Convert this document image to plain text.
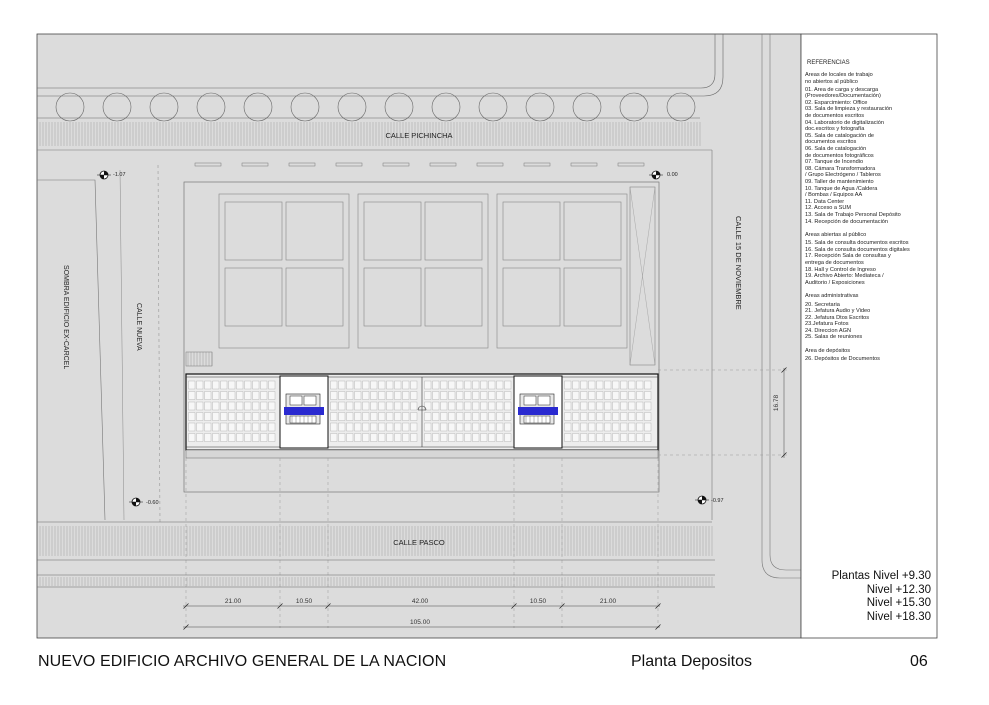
CALLE PICHINCHA
SOMBRA EDIFICIO EX-CARCEL	CALLE NUEVA
CALLE 15 DE NOVIEMBRE
-1.07	0.00
-0.60	-0.97
CALLE PASCO
21.00	10.50	42.00	10.50	21.00
105.00
16.78
REFERENCIAS
Areas de locales de trabajo
no abiertos al público
01. Area de carga y descarga
(Proveedores/Documentación)
02. Esparcimiento: Office
03. Sala de limpieza y restauración
de documentos escritos
04. Laboratorio de digitalización
doc.escritos y fotografía
05. Sala de catalogación de
documentos escritos
06. Sala de catalogación
de documentos fotográficos
07. Tanque de Incendio
08. Cámara Transformadora
/ Grupo Electrógeno / Tableros
09. Taller de mantenimiento
10. Tanque de Agua /Caldera
/ Bombas / Equipos AA
11. Data Center
12. Acceso a SUM
13. Sala de Trabajo Personal Depósito
14. Recepción de documentación
Areas abiertas al público
15. Sala de consulta documentos escritos
16. Sala de consulta documentos digitales
17. Recepción Sala de consultas y
entrega de documentos
18. Hall y Control de Ingreso
19. Archivo Abierto: Mediateca /
Auditorio / Exposiciones
Areas administrativas
20. Secretaria
21. Jefatura Audio y Video
22. Jefatura Dtos Escritos
23.Jefatura Fotos
24. Direccion AGN
25. Salas de reuniones
Area de depósitos
26. Depósitos de Documentos
Plantas Nivel +9.30
Nivel +12.30
Nivel +15.30
Nivel +18.30
NUEVO EDIFICIO ARCHIVO GENERAL DE LA NACION	Planta Depositos	06
